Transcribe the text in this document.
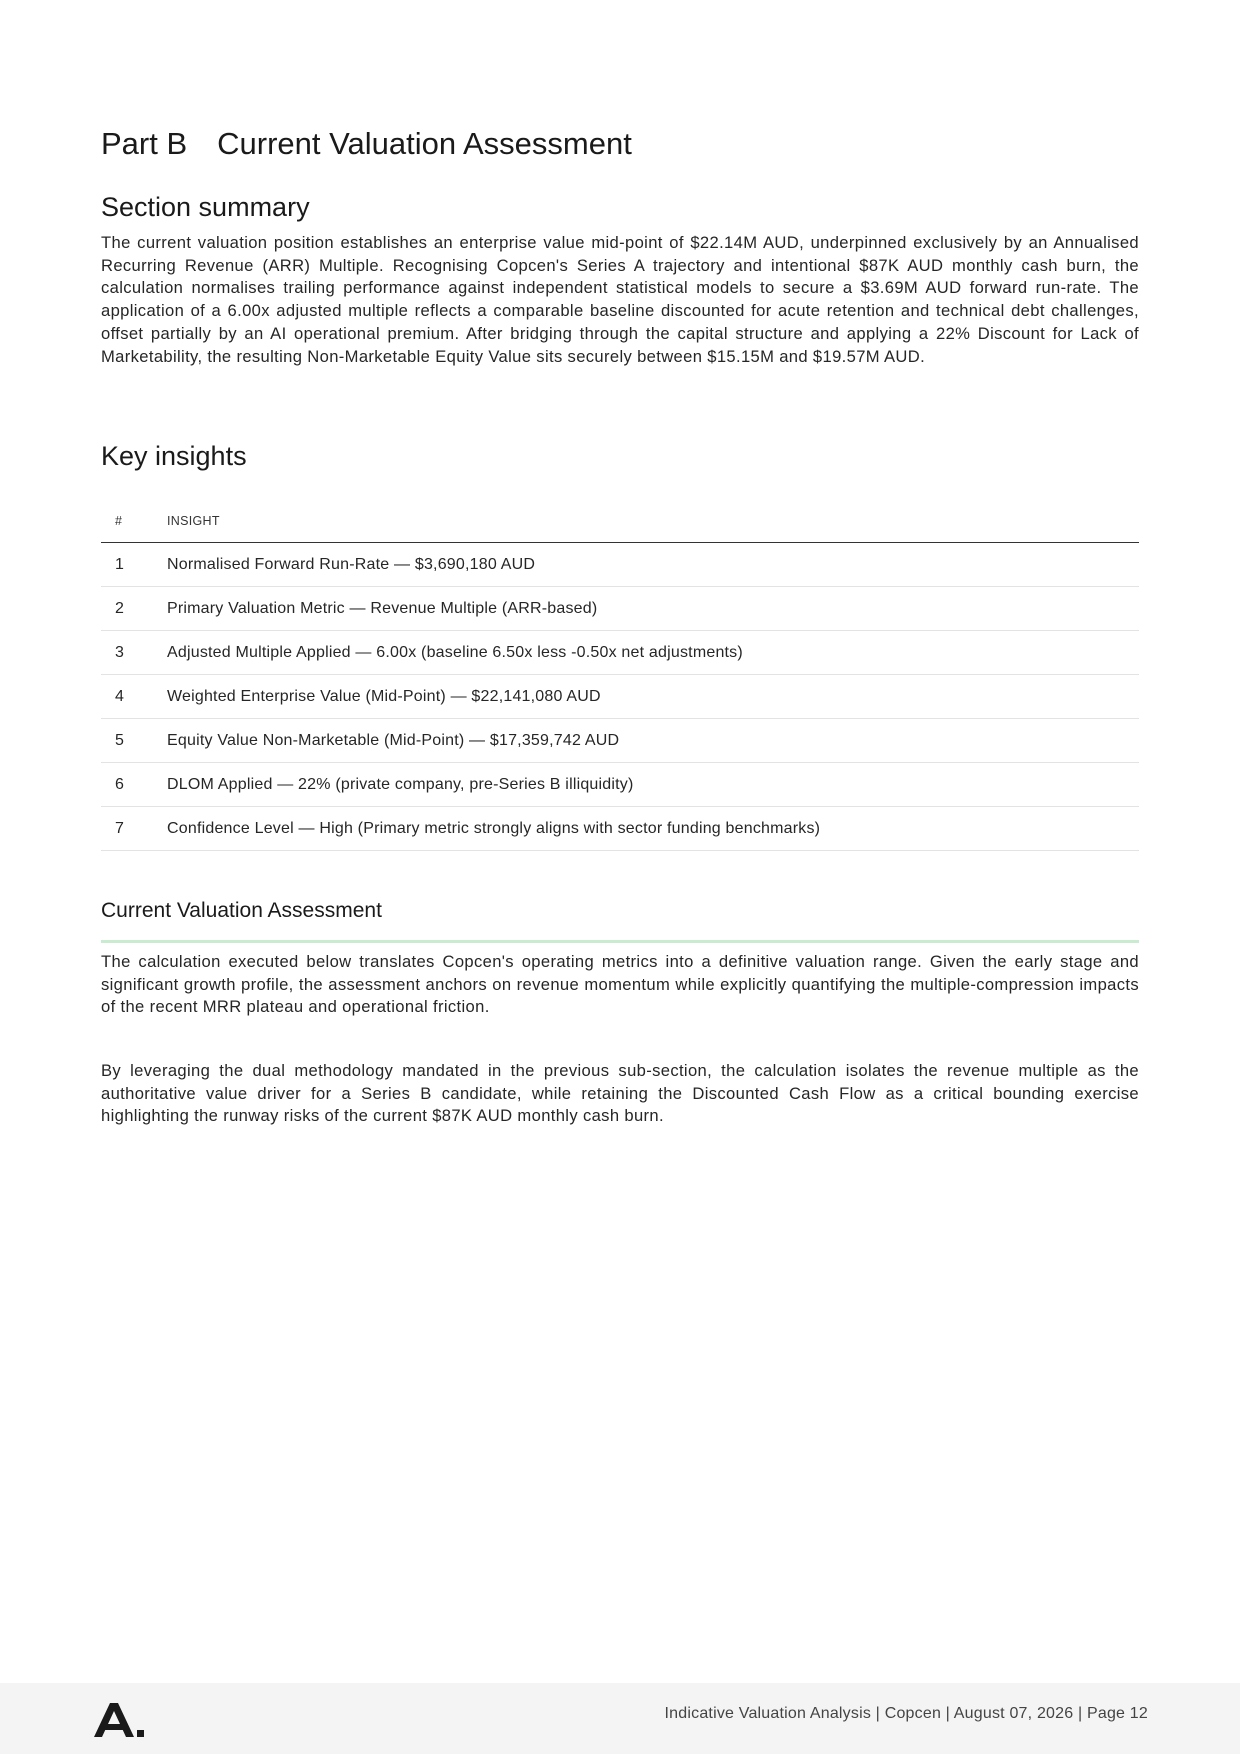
Part B Current Valuation Assessment
Section summary

The current valuation position establishes an enterprise value mid-point of $22.14M AUD, underpinned exclusively by an Annualised Recurring Revenue (ARR) Multiple. Recognising Copcen's Series A trajectory and intentional $87K AUD monthly cash burn, the calculation normalises trailing performance against independent statistical models to secure a $3.69M AUD forward run-rate. The application of a 6.00x adjusted multiple reflects a comparable baseline discounted for acute retention and technical debt challenges, offset partially by an AI operational premium. After bridging through the capital structure and applying a 22% Discount for Lack of Marketability, the resulting Non-Marketable Equity Value sits securely between $15.15M and $19.57M AUD.

Key insights
#	INSIGHT
1	Normalised Forward Run-Rate — $3,690,180 AUD
2	Primary Valuation Metric — Revenue Multiple (ARR-based)
3	Adjusted Multiple Applied — 6.00x (baseline 6.50x less -0.50x net adjustments)
4	Weighted Enterprise Value (Mid-Point) — $22,141,080 AUD
5	Equity Value Non-Marketable (Mid-Point) — $17,359,742 AUD
6	DLOM Applied — 22% (private company, pre-Series B illiquidity)
7	Confidence Level — High (Primary metric strongly aligns with sector funding benchmarks)
Current Valuation Assessment

The calculation executed below translates Copcen's operating metrics into a definitive valuation range. Given the early stage and significant growth profile, the assessment anchors on revenue momentum while explicitly quantifying the multiple-compression impacts of the recent MRR plateau and operational friction.

By leveraging the dual methodology mandated in the previous sub-section, the calculation isolates the revenue multiple as the authoritative value driver for a Series B candidate, while retaining the Discounted Cash Flow as a critical bounding exercise highlighting the runway risks of the current $87K AUD monthly cash burn.

Indicative Valuation Analysis | Copcen | August 07, 2026 | Page 12
